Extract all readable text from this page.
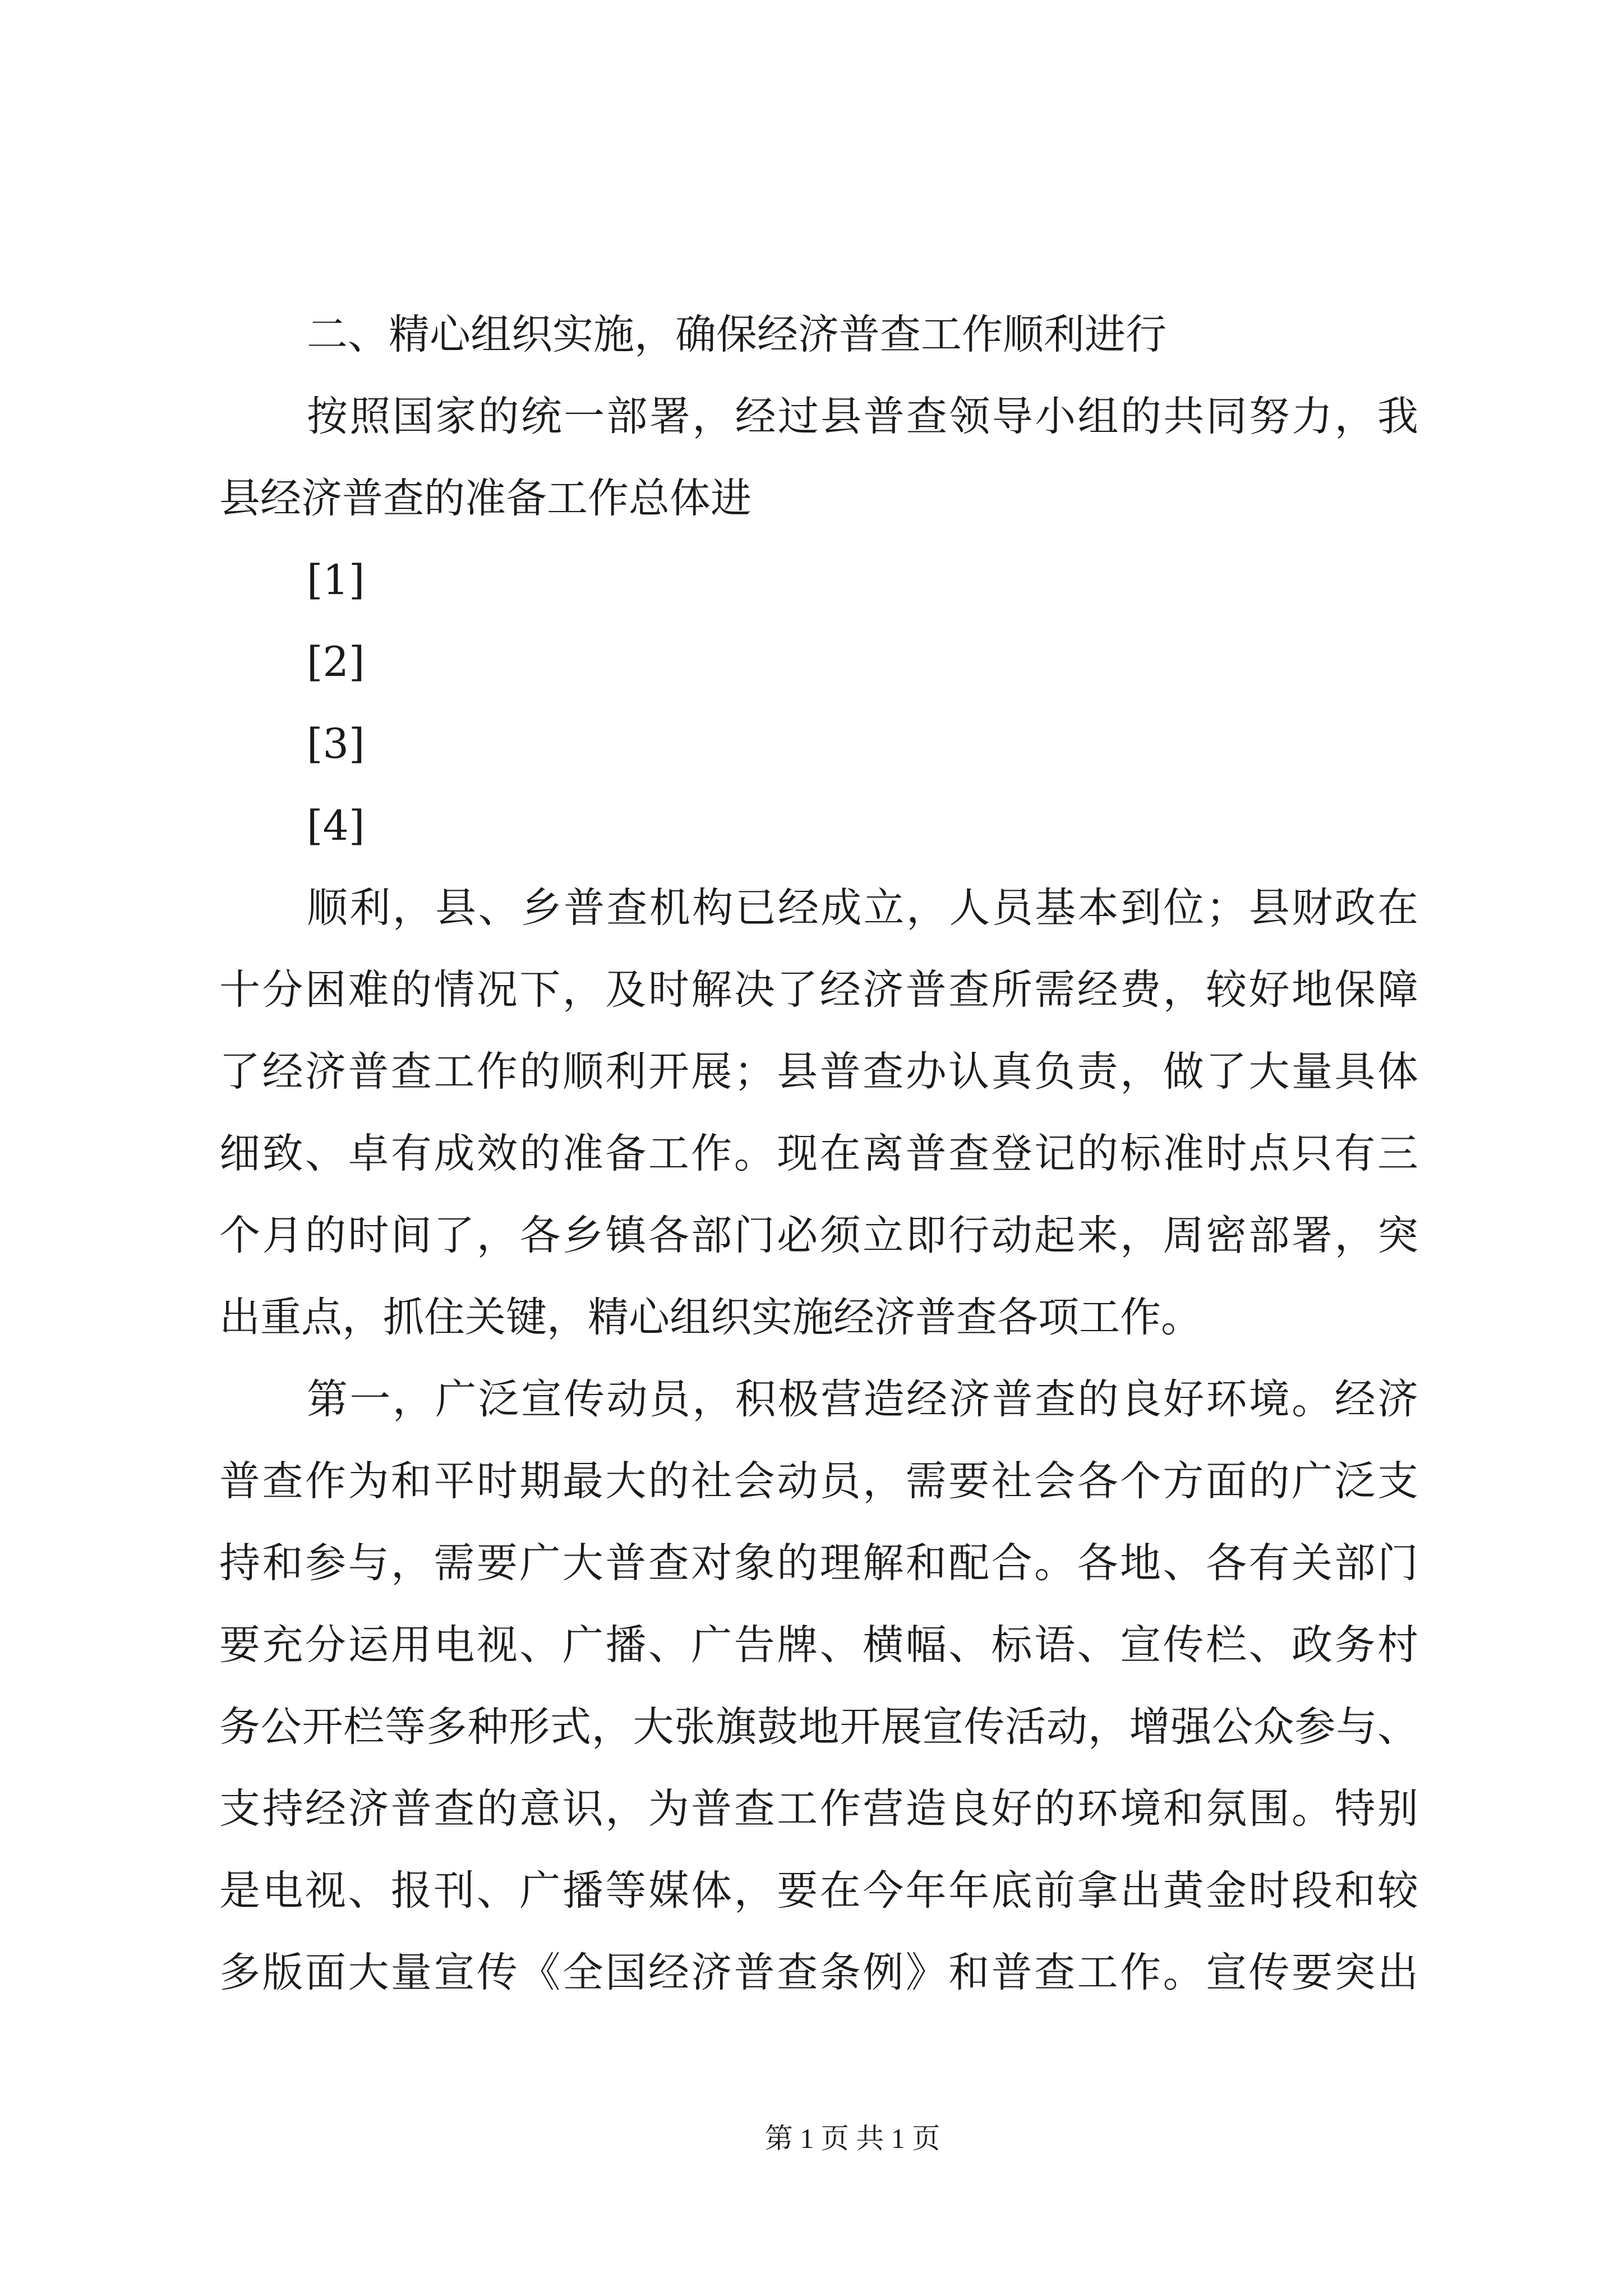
二、精心组织实施，确保经济普查工作顺利进行
按照国家的统一部署，经过县普查领导小组的共同努力，我
县经济普查的准备工作总体进
[1]
[2]
[3]
[4]
顺利，县、乡普查机构已经成立，人员基本到位；县财政在
十分困难的情况下，及时解决了经济普查所需经费，较好地保障
了经济普查工作的顺利开展；县普查办认真负责，做了大量具体
细致、卓有成效的准备工作。现在离普查登记的标准时点只有三
个月的时间了，各乡镇各部门必须立即行动起来，周密部署，突
出重点，抓住关键，精心组织实施经济普查各项工作。
第一，广泛宣传动员，积极营造经济普查的良好环境。经济
普查作为和平时期最大的社会动员，需要社会各个方面的广泛支
持和参与，需要广大普查对象的理解和配合。各地、各有关部门
要充分运用电视、广播、广告牌、横幅、标语、宣传栏、政务村
务公开栏等多种形式，大张旗鼓地开展宣传活动，增强公众参与、
支持经济普查的意识，为普查工作营造良好的环境和氛围。特别
是电视、报刊、广播等媒体，要在今年年底前拿出黄金时段和较
多版面大量宣传《全国经济普查条例》和普查工作。宣传要突出
第 1 页 共 1 页
